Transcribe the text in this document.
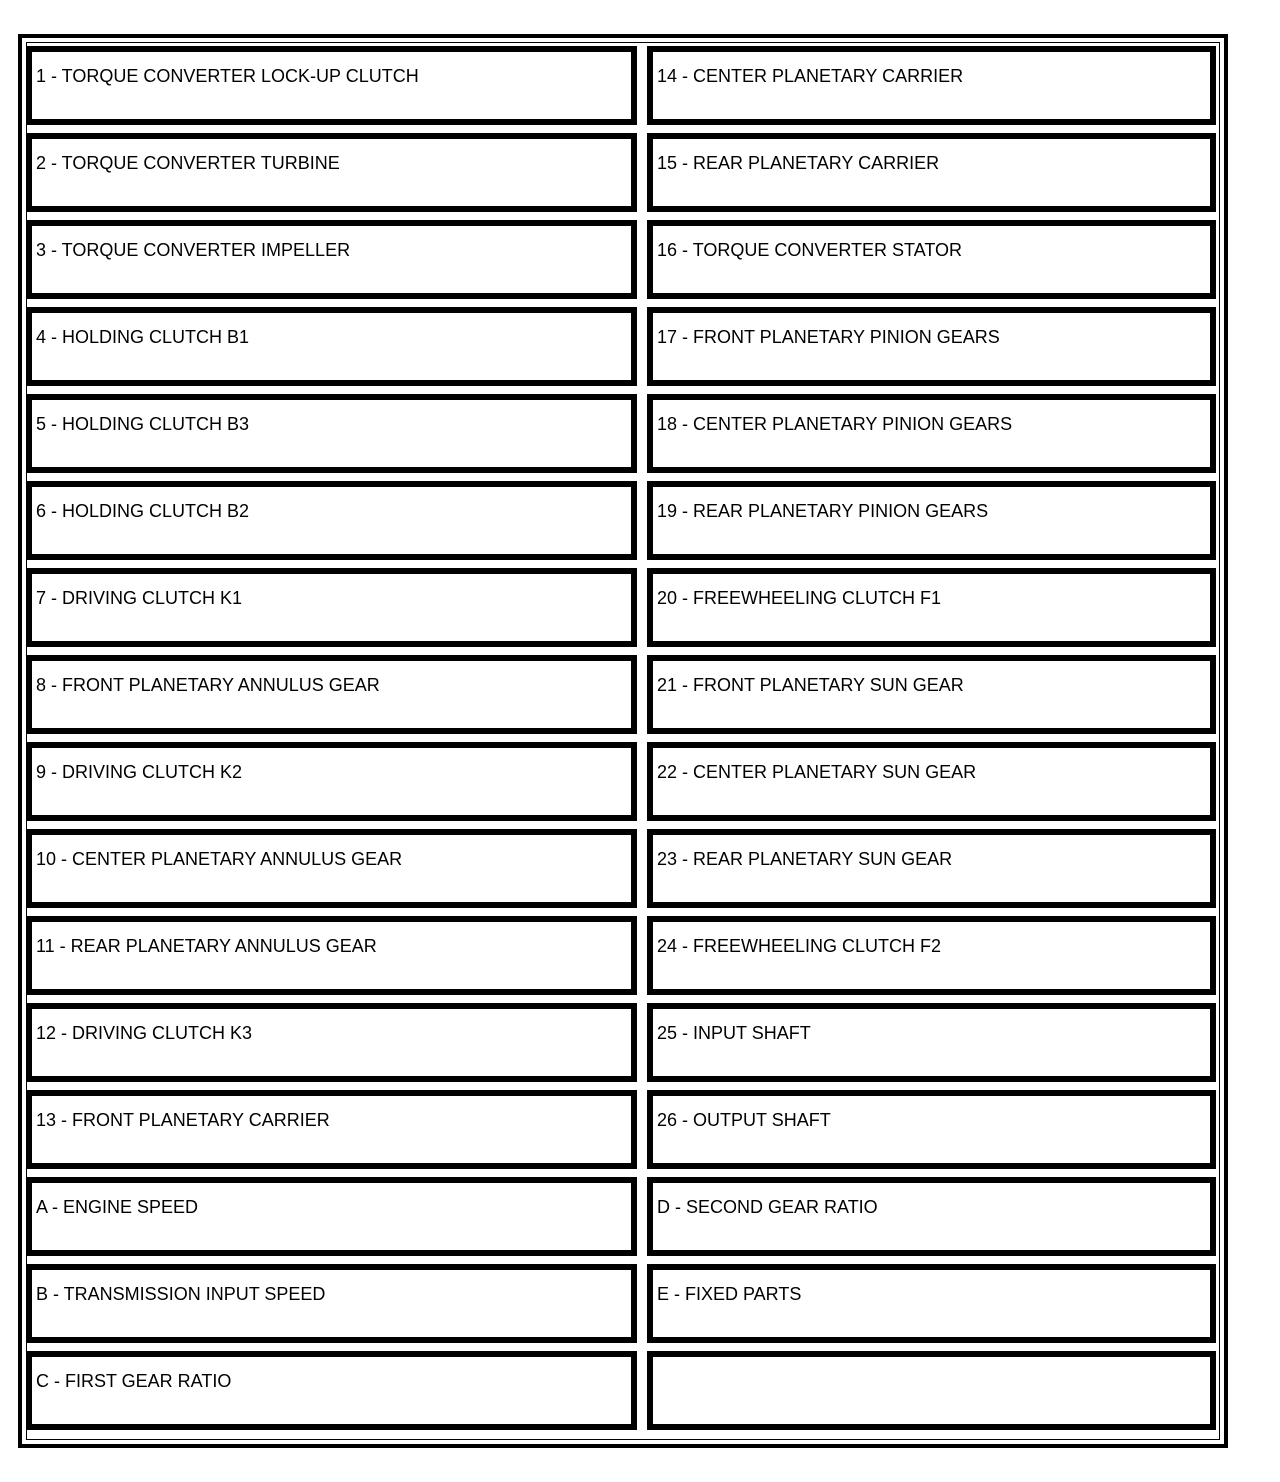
1 - TORQUE CONVERTER LOCK-UP CLUTCH	14 - CENTER PLANETARY CARRIER
2 - TORQUE CONVERTER TURBINE	15 - REAR PLANETARY CARRIER
3 - TORQUE CONVERTER IMPELLER	16 - TORQUE CONVERTER STATOR
4 - HOLDING CLUTCH B1	17 - FRONT PLANETARY PINION GEARS
5 - HOLDING CLUTCH B3	18 - CENTER PLANETARY PINION GEARS
6 - HOLDING CLUTCH B2	19 - REAR PLANETARY PINION GEARS
7 - DRIVING CLUTCH K1	20 - FREEWHEELING CLUTCH F1
8 - FRONT PLANETARY ANNULUS GEAR	21 - FRONT PLANETARY SUN GEAR
9 - DRIVING CLUTCH K2	22 - CENTER PLANETARY SUN GEAR
10 - CENTER PLANETARY ANNULUS GEAR	23 - REAR PLANETARY SUN GEAR
11 - REAR PLANETARY ANNULUS GEAR	24 - FREEWHEELING CLUTCH F2
12 - DRIVING CLUTCH K3	25 - INPUT SHAFT
13 - FRONT PLANETARY CARRIER	26 - OUTPUT SHAFT
A - ENGINE SPEED	D - SECOND GEAR RATIO
B - TRANSMISSION INPUT SPEED	E - FIXED PARTS
C - FIRST GEAR RATIO
